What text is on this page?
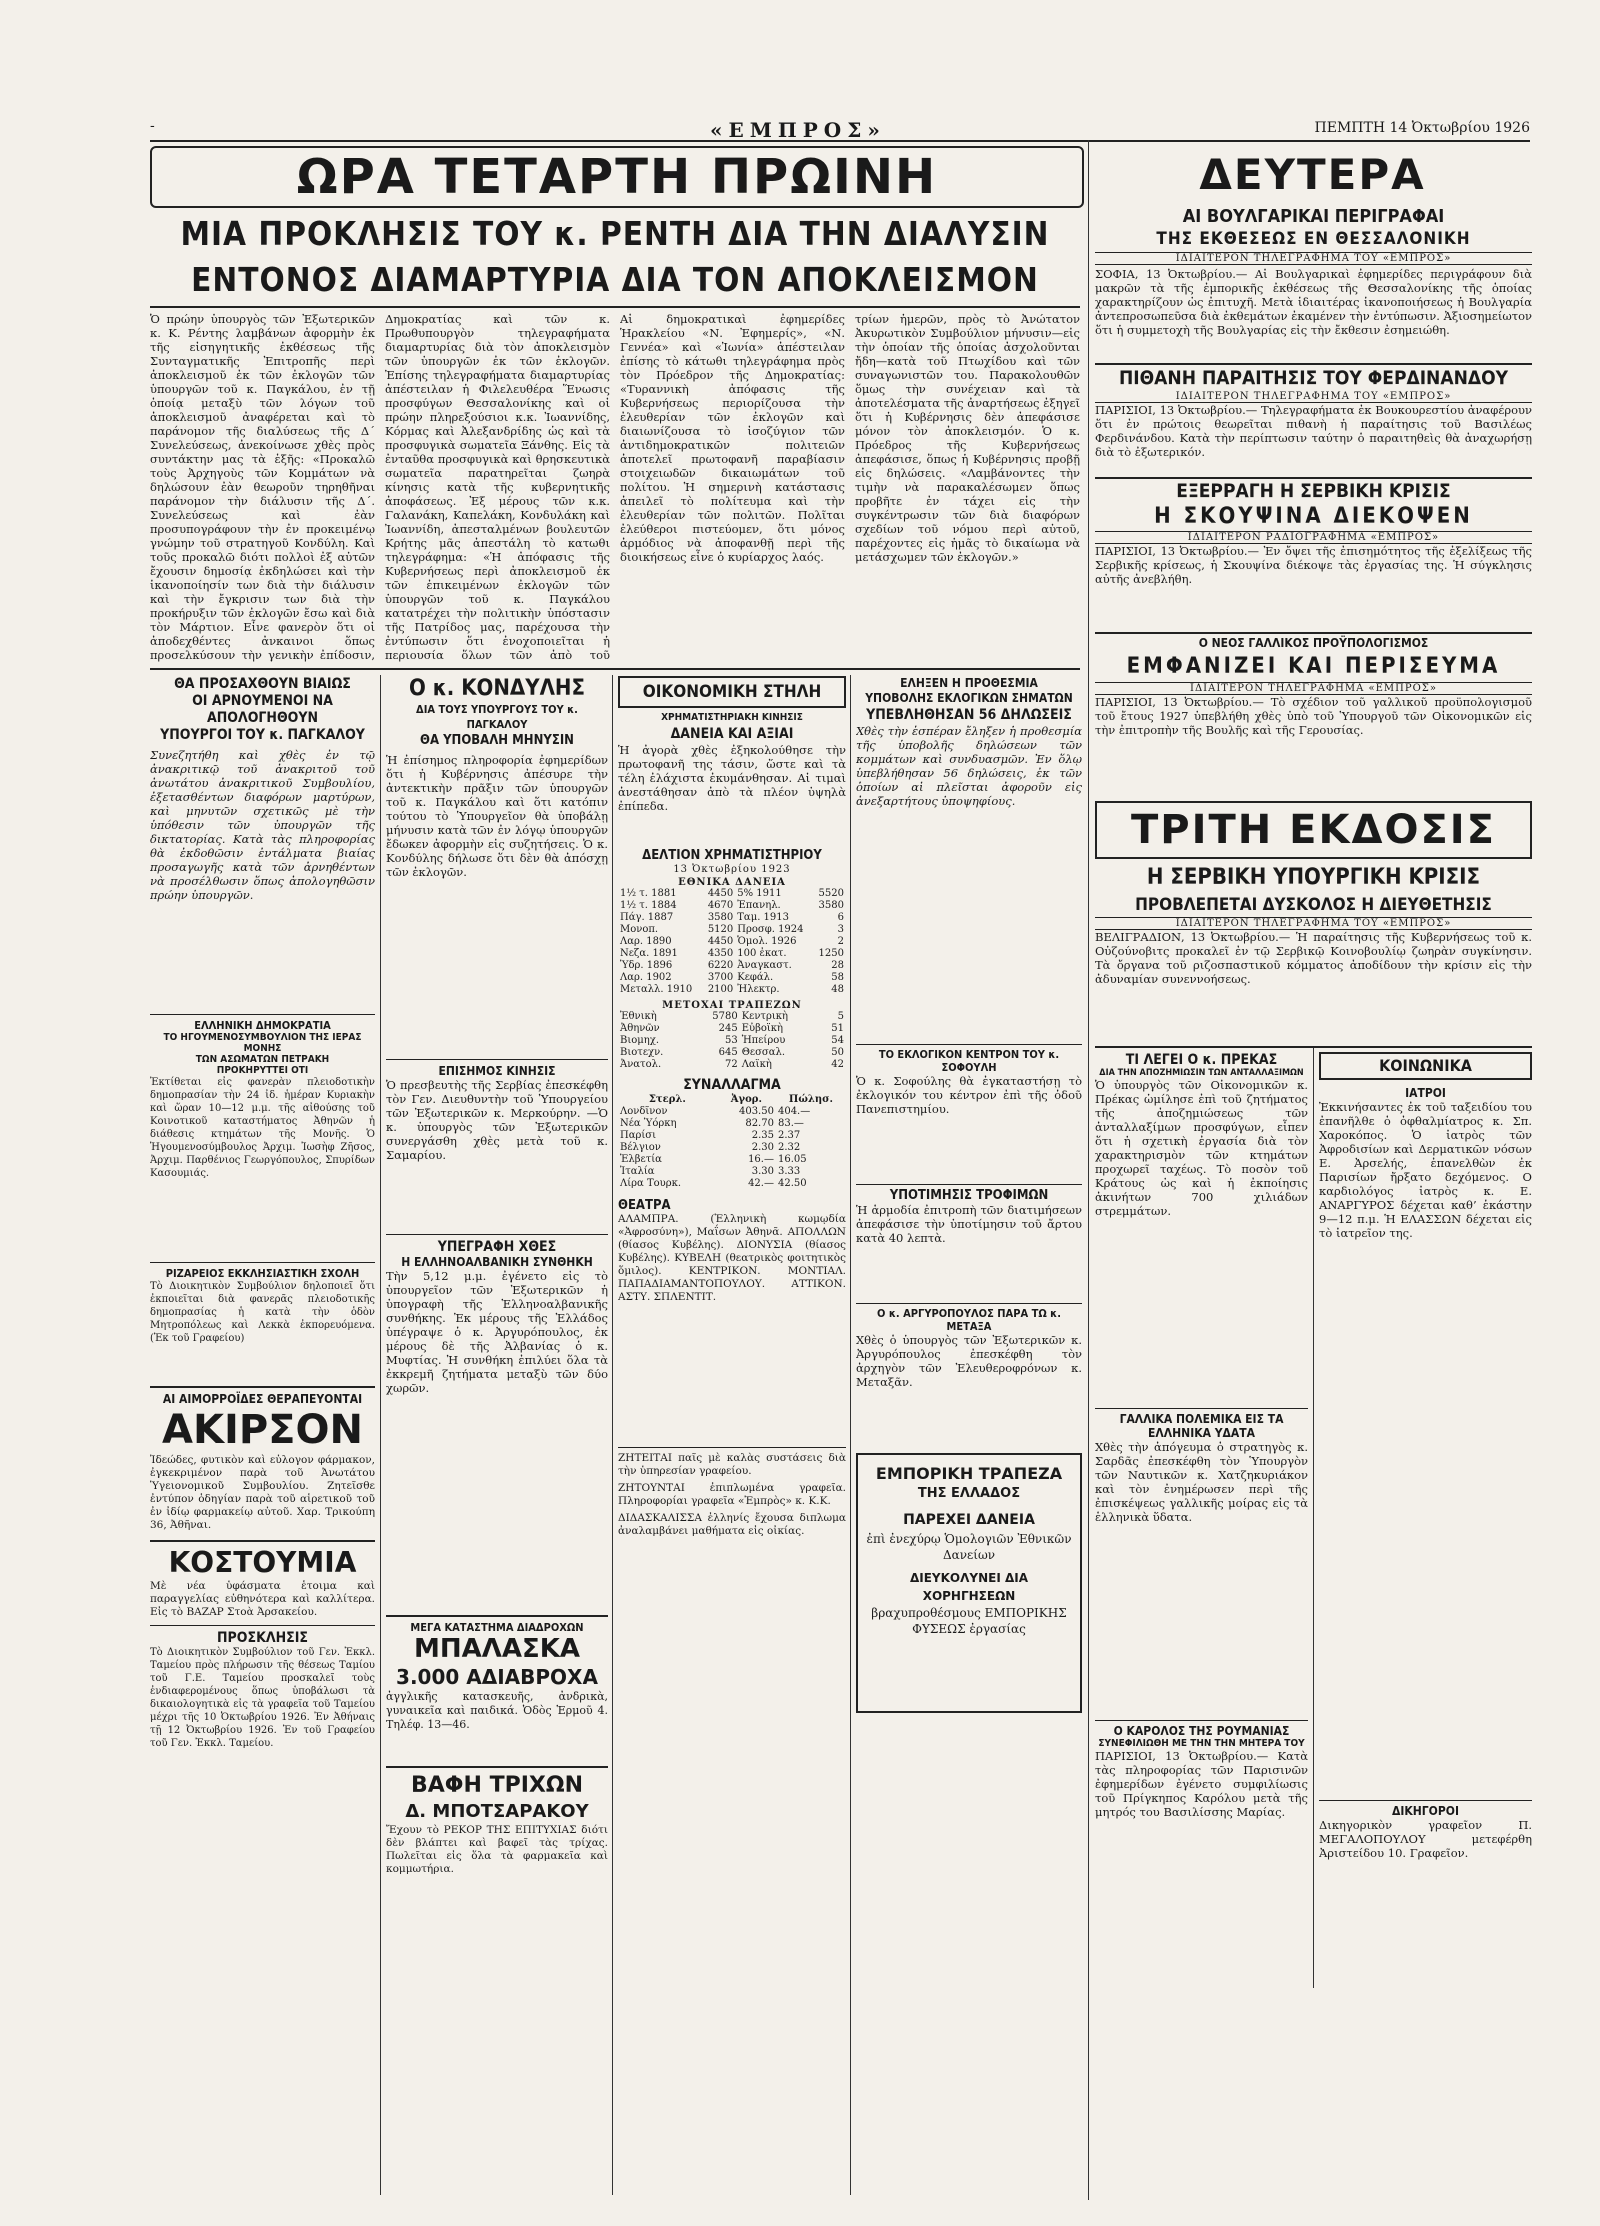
-	«ΕΜΠΡΟΣ»	ΠΕΜΠΤΗ 14 Ὀκτωβρίου 1926
ΩΡΑ ΤΕΤΑΡΤΗ ΠΡΩΙΝΗ	ΔΕΥΤΕΡΑ
ΜΙΑ ΠΡΟΚΛΗΣΙΣ ΤΟΥ κ. ΡΕΝΤΗ ΔΙΑ ΤΗΝ ΔΙΑΛΥΣΙΝ
ΕΝΤΟΝΟΣ ΔΙΑΜΑΡΤΥΡΙΑ ΔΙΑ ΤΟΝ ΑΠΟΚΛΕΙΣΜΟΝ

Ὁ πρώην ὑπουργὸς τῶν Ἐξωτερικῶν κ. Κ. Ρέντης λαμβάνων ἀφορμὴν ἐκ τῆς εἰσηγητικῆς ἐκθέσεως τῆς Συνταγματικῆς Ἐπιτροπῆς περὶ ἀποκλεισμοῦ ἐκ τῶν ἐκλογῶν τῶν ὑπουργῶν τοῦ κ. Παγκάλου, ἐν τῇ ὁποίᾳ μεταξὺ τῶν λόγων τοῦ ἀποκλεισμοῦ ἀναφέρεται καὶ τὸ παράνομον τῆς διαλύσεως τῆς Δ΄ Συνελεύσεως, ἀνεκοίνωσε χθὲς πρὸς συντάκτην μας τὰ ἑξῆς: «Προκαλῶ τοὺς Ἀρχηγοὺς τῶν Κομμάτων νὰ δηλώσουν ἐὰν θεωροῦν τηρηθῆναι παράνομον τὴν διάλυσιν τῆς Δ΄. Συνελεύσεως καὶ ἐὰν προσυπογράφουν τὴν ἐν προκειμένῳ γνώμην τοῦ στρατηγοῦ Κονδύλη. Καὶ τοῦς προκαλῶ διότι πολλοὶ ἐξ αὐτῶν ἔχουσιν δημοσίᾳ ἐκδηλώσει καὶ τὴν ἱκανοποίησίν των διὰ τὴν διάλυσιν καὶ τὴν ἔγκρισιν των διὰ τὴν προκήρυξιν τῶν ἐκλογῶν ἔσω καὶ διὰ τὸν Μάρτιον. Εἶνε φανερὸν ὅτι οἱ ἀποδεχθέντες ἀνκαινοι ὅπως προσελκύσουν τὴν γενικὴν ἐπίδοσιν,

Δημοκρατίας καὶ τῶν κ. Πρωθυπουργὸν τηλεγραφήματα διαμαρτυρίας διὰ τὸν ἀποκλεισμὸν τῶν ὑπουργῶν ἐκ τῶν ἐκλογῶν. Ἐπίσης τηλεγραφήματα διαμαρτυρίας ἀπέστειλαν ἡ Φιλελευθέρα Ἕνωσις προσφύγων Θεσσαλονίκης καὶ οἱ πρώην πληρεξούσιοι κ.κ. Ἰωαννίδης, Κόρμας καὶ Ἀλεξανδρίδης ὡς καὶ τὰ προσφυγικὰ σωματεῖα Ξάνθης. Εἰς τὰ ἐνταῦθα προσφυγικὰ καὶ θρησκευτικὰ σωματεῖα παρατηρεῖται ζωηρὰ κίνησις κατὰ τῆς κυβερνητικῆς ἀποφάσεως. Ἐξ μέρους τῶν κ.κ. Γαλανάκη, Καπελάκη, Κονδυλάκη καὶ Ἰωαννίδη, ἀπεσταλμένων βουλευτῶν Κρήτης μᾶς ἀπεστάλη τὸ κατωθι τηλεγράφημα: «Ἡ ἀπόφασις τῆς Κυβερνήσεως περὶ ἀποκλεισμοῦ ἐκ τῶν ἐπικειμένων ἐκλογῶν τῶν ὑπουργῶν τοῦ κ. Παγκάλου κατατρέχει τὴν πολιτικὴν ὑπόστασιν τῆς Πατρίδος μας, παρέχουσα τὴν ἐντύπωσιν ὅτι ἐνοχοποιεῖται ἡ περιουσία ὅλων τῶν ἀπὸ τοῦ

Αἱ δημοκρατικαὶ ἐφημερίδες Ἡρακλείου «Ν. Ἐφημερίς», «Ν. Γεννέα» καὶ «Ἰωνία» ἀπέστειλαν ἐπίσης τὸ κάτωθι τηλεγράφημα πρὸς τὸν Πρόεδρον τῆς Δημοκρατίας: «Τυραννικὴ ἀπόφασις τῆς Κυβερνήσεως περιορίζουσα τὴν ἐλευθερίαν τῶν ἐκλογῶν καὶ διαιωνίζουσα τὸ ἰσοζύγιον τῶν ἀντιδημοκρατικῶν πολιτειῶν ἀποτελεῖ πρωτοφανῆ παραβίασιν στοιχειωδῶν δικαιωμάτων τοῦ πολίτου. Ἡ σημερινὴ κατάστασις ἀπειλεῖ τὸ πολίτευμα καὶ τὴν ἐλευθερίαν τῶν πολιτῶν. Πολῖται ἐλεύθεροι πιστεύομεν, ὅτι μόνος ἀρμόδιος νὰ ἀποφανθῇ περὶ τῆς διοικήσεως εἶνε ὁ κυρίαρχος λαός.

τρίων ἡμερῶν, πρὸς τὸ Ἀνώτατον Ἀκυρωτικὸν Συμβούλιον μήνυσιν—εἰς τὴν ὁποίαν τῆς ὁποίας ἀσχολοῦνται ἤδη—κατὰ τοῦ Πτωχίδου καὶ τῶν συναγωνιστῶν του. Παρακολουθῶν ὅμως τὴν συνέχειαν καὶ τὰ ἀποτελέσματα τῆς ἀναρτήσεως ἐξηγεῖ ὅτι ἡ Κυβέρνησις δὲν ἀπεφάσισε μόνον τὸν ἀποκλεισμόν. Ὁ κ. Πρόεδρος τῆς Κυβερνήσεως ἀπεφάσισε, ὅπως ἡ Κυβέρνησις προβῇ εἰς δηλώσεις. «Λαμβάνοντες τὴν τιμὴν νὰ παρακαλέσωμεν ὅπως προβῆτε ἐν τάχει εἰς τὴν συγκέντρωσιν τῶν διὰ διαφόρων σχεδίων τοῦ νόμου περὶ αὐτοῦ, παρέχοντες εἰς ἡμᾶς τὸ δικαίωμα νὰ μετάσχωμεν τῶν ἐκλογῶν.»

ΘΑ ΠΡΟΣΑΧΘΟΥΝ ΒΙΑΙΩΣ
ΟΙ ΑΡΝΟΥΜΕΝΟΙ ΝΑ ΑΠΟΛΟΓΗΘΟΥΝ
ΥΠΟΥΡΓΟΙ ΤΟΥ κ. ΠΑΓΚΑΛΟΥ

Συνεζητήθη καὶ χθὲς ἐν τῷ ἀνακριτικῷ τοῦ ἀνακριτοῦ τοῦ ἀνωτάτου ἀνακριτικοῦ Συμβουλίου, ἐξετασθέντων διαφόρων μαρτύρων, καὶ μηνυτῶν σχετικῶς μὲ τὴν ὑπόθεσιν τῶν ὑπουργῶν τῆς δικτατορίας. Κατὰ τὰς πληροφορίας θὰ ἐκδοθῶσιν ἐντάλματα βιαίας προσαγωγῆς κατὰ τῶν ἀρνηθέντων νὰ προσέλθωσιν ὅπως ἀπολογηθῶσιν πρώην ὑπουργῶν.

ΕΛΛΗΝΙΚΗ ΔΗΜΟΚΡΑΤΙΑ
ΤΟ ΗΓΟΥΜΕΝΟΣΥΜΒΟΥΛΙΟΝ ΤΗΣ ΙΕΡΑΣ ΜΟΝΗΣ
ΤΩΝ ΑΣΩΜΑΤΩΝ ΠΕΤΡΑΚΗ
ΠΡΟΚΗΡΥΤΤΕΙ ΟΤΙ

Ἐκτίθεται εἰς φανερὰν πλειοδοτικὴν δημοπρασίαν τὴν 24 ἰδ. ἡμέραν Κυριακὴν καὶ ὥραν 10—12 μ.μ. τῆς αἰθούσης τοῦ Κοινοτικοῦ καταστήματος Ἀθηνῶν ἡ διάθεσις κτημάτων τῆς Μονῆς. Ὁ Ἡγουμενοσύμβουλος Ἀρχιμ. Ἰωσὴφ Ζῆσος, Ἀρχιμ. Παρθένιος Γεωργόπουλος, Σπυρίδων Κασουμιάς.

ΡΙΖΑΡΕΙΟΣ ΕΚΚΛΗΣΙΑΣΤΙΚΗ ΣΧΟΛΗ

Τὸ Διοικητικὸν Συμβούλιον δηλοποιεῖ ὅτι ἐκποιεῖται διὰ φανερᾶς πλειοδοτικῆς δημοπρασίας ἡ κατὰ τὴν ὁδὸν Μητροπόλεως καὶ Λεκκὰ ἐκπορευόμενα. (Ἐκ τοῦ Γραφείου)

ΑΙ ΑΙΜΟΡΡΟΪΔΕΣ ΘΕΡΑΠΕΥΟΝΤΑΙ
ΑΚΙΡΣΟΝ

Ἰδεώδες, φυτικὸν καὶ εὐλογον φάρμακον, ἐγκεκριμένον παρὰ τοῦ Ἀνωτάτου Ὑγειονομικοῦ Συμβουλίου. Ζητεῖσθε ἐντύπον ὁδηγίαν παρὰ τοῦ αἱρετικοῦ τοῦ ἐν ἰδίῳ φαρμακείῳ αὐτοῦ. Χαρ. Τρικούπη 36, Ἀθῆναι.

ΚΟΣΤΟΥΜΙΑ

Μὲ νέα ὑφάσματα ἑτοιμα καὶ παραγγελίας εὐθηνότερα καὶ καλλίτερα. Εἰς τὸ ΒΑΖΑΡ Στοὰ Ἀρσακείου.

ΠΡΟΣΚΛΗΣΙΣ

Τὸ Διοικητικὸν Συμβούλιον τοῦ Γεν. Ἐκκλ. Ταμείου πρὸς πλήρωσιν τῆς θέσεως Ταμίου τοῦ Γ.Ε. Ταμείου προσκαλεῖ τοὺς ἐνδιαφερομένους ὅπως ὑποβάλωσι τὰ δικαιολογητικὰ εἰς τὰ γραφεῖα τοῦ Ταμείου μέχρι τῆς 10 Ὀκτωβρίου 1926. Ἐν Ἀθήναις τῇ 12 Ὀκτωβρίου 1926. Ἐν τοῦ Γραφείου τοῦ Γεν. Ἐκκλ. Ταμείου.

Ο κ. ΚΟΝΔΥΛΗΣ
ΔΙΑ ΤΟΥΣ ΥΠΟΥΡΓΟΥΣ ΤΟΥ κ. ΠΑΓΚΑΛΟΥ
ΘΑ ΥΠΟΒΑΛΗ ΜΗΝΥΣΙΝ

Ἡ ἐπίσημος πληροφορία ἐφημερίδων ὅτι ἡ Κυβέρνησις ἀπέσυρε τὴν ἀντεκτικὴν πρᾶξιν τῶν ὑπουργῶν τοῦ κ. Παγκάλου καὶ ὅτι κατόπιν τούτου τὸ Ὑπουργεῖον θὰ ὑποβάλῃ μήνυσιν κατὰ τῶν ἐν λόγῳ ὑπουργῶν ἔδωκεν ἀφορμὴν εἰς συζητήσεις. Ὁ κ. Κονδύλης δήλωσε ὅτι δὲν θὰ ἀπόσχῃ τῶν ἐκλογῶν.

ΕΠΙΣΗΜΟΣ ΚΙΝΗΣΙΣ

Ὁ πρεσβευτὴς τῆς Σερβίας ἐπεσκέφθη τὸν Γεν. Διευθυντὴν τοῦ Ὑπουργείου τῶν Ἐξωτερικῶν κ. Μερκούρην. —Ὁ κ. ὑπουργὸς τῶν Ἐξωτερικῶν συνεργάσθη χθὲς μετὰ τοῦ κ. Σαμαρίου.

ΥΠΕΓΡΑΦΗ ΧΘΕΣ
Η ΕΛΛΗΝΟΑΛΒΑΝΙΚΗ ΣΥΝΘΗΚΗ

Τὴν 5,12 μ.μ. ἐγένετο εἰς τὸ ὑπουργεῖον τῶν Ἐξωτερικῶν ἡ ὑπογραφὴ τῆς Ἑλληνοαλβανικῆς συνθήκης. Ἐκ μέρους τῆς Ἑλλάδος ὑπέγραψε ὁ κ. Ἀργυρόπουλος, ἐκ μέρους δὲ τῆς Ἀλβανίας ὁ κ. Μυφτίας. Ἡ συνθήκη ἐπιλύει ὅλα τὰ ἐκκρεμῆ ζητήματα μεταξὺ τῶν δύο χωρῶν.

ΜΕΓΑ ΚΑΤΑΣΤΗΜΑ ΔΙΑΔΡΟΧΩΝ
ΜΠΑΛΑΣΚΑ
3.000 ΑΔΙΑΒΡΟΧΑ

ἀγγλικῆς κατασκευῆς, ἀνδρικὰ, γυναικεῖα καὶ παιδικά. Ὁδὸς Ἑρμοῦ 4. Τηλέφ. 13—46.

ΒΑΦΗ ΤΡΙΧΩΝ
Δ. ΜΠΟΤΣΑΡΑΚΟΥ

Ἔχουν τὸ ΡΕΚΟΡ ΤΗΣ ΕΠΙΤΥΧΙΑΣ διότι δὲν βλάπτει καὶ βαφεῖ τὰς τρίχας. Πωλεῖται εἰς ὅλα τὰ φαρμακεῖα καὶ κομμωτήρια.

ΟΙΚΟΝΟΜΙΚΗ ΣΤΗΛΗ
ΧΡΗΜΑΤΙΣΤΗΡΙΑΚΗ ΚΙΝΗΣΙΣ
ΔΑΝΕΙΑ ΚΑΙ ΑΞΙΑΙ

Ἡ ἀγορὰ χθὲς ἐξηκολούθησε τὴν πρωτοφανῆ της τάσιν, ὥστε καὶ τὰ τέλη ἐλάχιστα ἐκυμάνθησαν. Αἱ τιμαὶ ἀνεστάθησαν ἀπὸ τὰ πλέον ὑψηλὰ ἐπίπεδα.

ΔΕΛΤΙΟΝ ΧΡΗΜΑΤΙΣΤΗΡΙΟΥ
13 Ὀκτωβρίου 1923
ΕΘΝΙΚΑ ΔΑΝΕΙΑ
1½ τ. 1881	4450	5% 1911	5520
1½ τ. 1884	4670	Ἐπανηλ.	3580
Πάγ. 1887	3580	Ταμ. 1913	6
Μονοπ.	5120	Προσφ. 1924	3
Λαρ. 1890	4450	Ὁμολ. 1926	2
Νεζα. 1891	4350	100 ἐκατ.	1250
Ὑδρ. 1896	6220	Ἀναγκαστ.	28
Λαρ. 1902	3700	Κεφάλ.	58
Μεταλλ. 1910	2100	Ἠλεκτρ.	48
ΜΕΤΟΧΑΙ ΤΡΑΠΕΖΩΝ
Ἐθνικὴ	5780	Κεντρικὴ	5
Ἀθηνῶν	245	Εὐβοϊκὴ	51
Βιομηχ.	53	Ἠπείρου	54
Βιοτεχν.	645	Θεσσαλ.	50
Ἀνατολ.	72	Λαϊκὴ	42
ΣΥΝΑΛΛΑΓΜΑ
Στερλ.	Ἀγορ.	Πώλησ.
Λονδῖνον	403.50	404.—
Νέα Ὑόρκη	82.70	83.—
Παρίσι	2.35	2.37
Βέλγιον	2.30	2.32
Ἑλβετία	16.—	16.05
Ἰταλία	3.30	3.33
Λίρα Τουρκ.	42.—	42.50
ΘΕΑΤΡΑ

ΑΛΑΜΠΡΑ. (Ἑλληνικὴ κωμῳδία «Ἀφροσύνη»), Μαΐσων Ἀθηνᾶ. ΑΠΟΛΛΩΝ (θίασος Κυβέλης). ΔΙΟΝΥΣΙΑ (θίασος Κυβέλης). ΚΥΒΕΛΗ (θεατρικὸς φοιτητικὸς ὅμιλος). ΚΕΝΤΡΙΚΟΝ. ΜΟΝΤΙΑΛ. ΠΑΠΑΔΙΑΜΑΝΤΟΠΟΥΛΟΥ. ΑΤΤΙΚΟΝ. ΑΣΤΥ. ΣΠΛΕΝΤΙΤ.

ΖΗΤΕΙΤΑΙ παῖς μὲ καλὰς συστάσεις διὰ τὴν ὑπηρεσίαν γραφείου.

ΖΗΤΟΥΝΤΑΙ ἐπιπλωμένα γραφεῖα. Πληροφορίαι γραφεῖα «Ἐμπρὸς» κ. Κ.Κ.

ΔΙΔΑΣΚΑΛΙΣΣΑ ἐλληνίς ἔχουσα διπλωμα ἀναλαμβάνει μαθήματα εἰς οἰκίας.

ΕΛΗΞΕΝ Η ΠΡΟΘΕΣΜΙΑ
ΥΠΟΒΟΛΗΣ ΕΚΛΟΓΙΚΩΝ ΣΗΜΑΤΩΝ
ΥΠΕΒΛΗΘΗΣΑΝ 56 ΔΗΛΩΣΕΙΣ

Χθὲς τὴν ἑσπέραν ἔληξεν ἡ προθεσμία τῆς ὑποβολῆς δηλώσεων τῶν κομμάτων καὶ συνδυασμῶν. Ἐν ὅλῳ ὑπεβλήθησαν 56 δηλώσεις, ἐκ τῶν ὁποίων αἱ πλεῖσται ἀφοροῦν εἰς ἀνεξαρτήτους ὑποψηφίους.

ΤΟ ΕΚΛΟΓΙΚΟΝ ΚΕΝΤΡΟΝ ΤΟΥ κ. ΣΟΦΟΥΛΗ

Ὁ κ. Σοφούλης θὰ ἐγκαταστήσῃ τὸ ἐκλογικόν του κέντρον ἐπὶ τῆς ὁδοῦ Πανεπιστημίου.

ΥΠΟΤΙΜΗΣΙΣ ΤΡΟΦΙΜΩΝ

Ἡ ἁρμοδία ἐπιτροπὴ τῶν διατιμήσεων ἀπεφάσισε τὴν ὑποτίμησιν τοῦ ἄρτου κατὰ 40 λεπτὰ.

Ο κ. ΑΡΓΥΡΟΠΟΥΛΟΣ ΠΑΡΑ ΤΩ κ. ΜΕΤΑΞΑ

Χθὲς ὁ ὑπουργὸς τῶν Ἐξωτερικῶν κ. Ἀργυρόπουλος ἐπεσκέφθη τὸν ἀρχηγὸν τῶν Ἐλευθεροφρόνων κ. Μεταξᾶν.

ΕΜΠΟΡΙΚΗ ΤΡΑΠΕΖΑ
ΤΗΣ ΕΛΛΑΔΟΣ
ΠΑΡΕΧΕΙ ΔΑΝΕΙΑ
ἐπὶ ἐνεχύρῳ Ὁμολογιῶν Ἐθνικῶν Δανείων
ΔΙΕΥΚΟΛΥΝΕΙ ΔΙΑ ΧΟΡΗΓΗΣΕΩΝ
βραχυπροθέσμους ΕΜΠΟΡΙΚΗΣ ΦΥΣΕΩΣ ἐργασίας
ΑΙ ΒΟΥΛΓΑΡΙΚΑΙ ΠΕΡΙΓΡΑΦΑΙ
ΤΗΣ ΕΚΘΕΣΕΩΣ ΕΝ ΘΕΣΣΑΛΟΝΙΚΗ
ΙΔΙΑΙΤΕΡΟΝ ΤΗΛΕΓΡΑΦΗΜΑ ΤΟΥ «ΕΜΠΡΟΣ»

ΣΟΦΙΑ, 13 Ὀκτωβρίου.— Αἱ Βουλγαρικαὶ ἐφημερίδες περιγράφουν διὰ μακρῶν τὰ τῆς ἐμπορικῆς ἐκθέσεως τῆς Θεσσαλονίκης τῆς ὁποίας χαρακτηρίζουν ὡς ἐπιτυχῆ. Μετὰ ἱδιαιτέρας ἱκανοποιήσεως ἡ Βουλγαρία ἀντεπροσωπεῦσα διὰ ἐκθεμάτων ἐκαμένεν τὴν ἐντύπωσιν. Ἀξιοσημείωτον ὅτι ἡ συμμετοχὴ τῆς Βουλγαρίας εἰς τὴν ἔκθεσιν ἐσημειώθη.

ΠΙΘΑΝΗ ΠΑΡΑΙΤΗΣΙΣ ΤΟΥ ΦΕΡΔΙΝΑΝΔΟΥ
ΙΔΙΑΙΤΕΡΟΝ ΤΗΛΕΓΡΑΦΗΜΑ ΤΟΥ «ΕΜΠΡΟΣ»

ΠΑΡΙΣΙΟΙ, 13 Ὀκτωβρίου.— Τηλεγραφήματα ἐκ Βουκουρεστίου ἀναφέρουν ὅτι ἐν πρώτοις θεωρεῖται πιθανὴ ἡ παραίτησις τοῦ Βασιλέως Φερδινάνδου. Κατὰ τὴν περίπτωσιν ταύτην ὁ παραιτηθεὶς θὰ ἀναχωρήσῃ διὰ τὸ ἐξωτερικόν.

ΕΞΕΡΡΑΓΗ Η ΣΕΡΒΙΚΗ ΚΡΙΣΙΣ
Η ΣΚΟΥΨΙΝΑ ΔΙΕΚΟΨΕΝ
ΙΔΙΑΙΤΕΡΟΝ ΡΑΔΙΟΓΡΑΦΗΜΑ «ΕΜΠΡΟΣ»

ΠΑΡΙΣΙΟΙ, 13 Ὀκτωβρίου.— Ἐν ὄψει τῆς ἐπισημότητος τῆς ἐξελίξεως τῆς Σερβικῆς κρίσεως, ἡ Σκουψίνα διέκοψε τὰς ἐργασίας της. Ἡ σύγκλησις αὐτῆς ἀνεβλήθη.

Ο ΝΕΟΣ ΓΑΛΛΙΚΟΣ ΠΡΟΫΠΟΛΟΓΙΣΜΟΣ
ΕΜΦΑΝΙΖΕΙ ΚΑΙ ΠΕΡΙΣΕΥΜΑ
ΙΔΙΑΙΤΕΡΟΝ ΤΗΛΕΓΡΑΦΗΜΑ «ΕΜΠΡΟΣ»

ΠΑΡΙΣΙΟΙ, 13 Ὀκτωβρίου.— Τὸ σχέδιον τοῦ γαλλικοῦ προϋπολογισμοῦ τοῦ ἔτους 1927 ὑπεβλήθη χθὲς ὑπὸ τοῦ Ὑπουργοῦ τῶν Οἰκονομικῶν εἰς τὴν ἐπιτροπὴν τῆς Βουλῆς καὶ τῆς Γερουσίας.

ΤΡΙΤΗ ΕΚΔΟΣΙΣ
Η ΣΕΡΒΙΚΗ ΥΠΟΥΡΓΙΚΗ ΚΡΙΣΙΣ
ΠΡΟΒΛΕΠΕΤΑΙ ΔΥΣΚΟΛΟΣ Η ΔΙΕΥΘΕΤΗΣΙΣ
ΙΔΙΑΙΤΕΡΟΝ ΤΗΛΕΓΡΑΦΗΜΑ ΤΟΥ «ΕΜΠΡΟΣ»

ΒΕΛΙΓΡΑΔΙΟΝ, 13 Ὀκτωβρίου.— Ἡ παραίτησις τῆς Κυβερνήσεως τοῦ κ. Οὐζούνοβιτς προκαλεῖ ἐν τῷ Σερβικῷ Κοινοβουλίῳ ζωηρὰν συγκίνησιν. Τὰ ὄργανα τοῦ ριζοσπαστικοῦ κόμματος ἀποδίδουν τὴν κρίσιν εἰς τὴν ἀδυναμίαν συνεννοήσεως.

ΤΙ ΛΕΓΕΙ Ο κ. ΠΡΕΚΑΣ
ΔΙΑ ΤΗΝ ΑΠΟΖΗΜΙΩΣΙΝ ΤΩΝ ΑΝΤΑΛΛΑΞΙΜΩΝ

Ὁ ὑπουργὸς τῶν Οἰκονομικῶν κ. Πρέκας ὡμίλησε ἐπὶ τοῦ ζητήματος τῆς ἀποζημιώσεως τῶν ἀνταλλαξίμων προσφύγων, εἶπεν ὅτι ἡ σχετικὴ ἐργασία διὰ τὸν χαρακτηρισμὸν τῶν κτημάτων προχωρεῖ ταχέως. Τὸ ποσὸν τοῦ Κράτους ὡς καὶ ἡ ἐκποίησις ἀκινήτων 700 χιλιάδων στρεμμάτων.

ΓΑΛΛΙΚΑ ΠΟΛΕΜΙΚΑ ΕΙΣ ΤΑ ΕΛΛΗΝΙΚΑ ΥΔΑΤΑ

Χθὲς τὴν ἀπόγευμα ὁ στρατηγὸς κ. Σαρδᾶς ἐπεσκέφθη τὸν Ὑπουργὸν τῶν Ναυτικῶν κ. Χατζηκυριάκον καὶ τὸν ἐνημέρωσεν περὶ τῆς ἐπισκέψεως γαλλικῆς μοίρας εἰς τὰ ἑλληνικὰ ὕδατα.

Ο ΚΑΡΟΛΟΣ ΤΗΣ ΡΟΥΜΑΝΙΑΣ
ΣΥΝΕΦΙΛΙΩΘΗ ΜΕ ΤΗΝ ΤΗΝ ΜΗΤΕΡΑ ΤΟΥ

ΠΑΡΙΣΙΟΙ, 13 Ὀκτωβρίου.— Κατὰ τὰς πληροφορίας τῶν Παρισινῶν ἐφημερίδων ἐγένετο συμφιλίωσις τοῦ Πρίγκηπος Καρόλου μετὰ τῆς μητρός του Βασιλίσσης Μαρίας.

ΚΟΙΝΩΝΙΚΑ
ΙΑΤΡΟΙ

Ἐκκινήσαντες ἐκ τοῦ ταξειδίου του ἐπανῆλθε ὁ ὀφθαλμίατρος κ. Σπ. Χαροκόπος. Ὁ ἰατρὸς τῶν Ἀφροδισίων καὶ Δερματικῶν νόσων Ε. Ἀρσελής, ἐπανελθὼν ἐκ Παρισίων ἤρξατο δεχόμενος. Ο καρδιολόγος ἰατρὸς κ. Ε. ΑΝΑΡΓΥΡΟΣ δέχεται καθ’ ἑκάστην 9—12 π.μ. Ἡ ΕΛΑΣΣΩΝ δέχεται εἰς τὸ ἰατρεῖον της.

ΔΙΚΗΓΟΡΟΙ

Δικηγορικὸν γραφεῖον Π. ΜΕΓΑΛΟΠΟΥΛΟΥ μετεφέρθη Ἀριστείδου 10. Γραφεῖον.
